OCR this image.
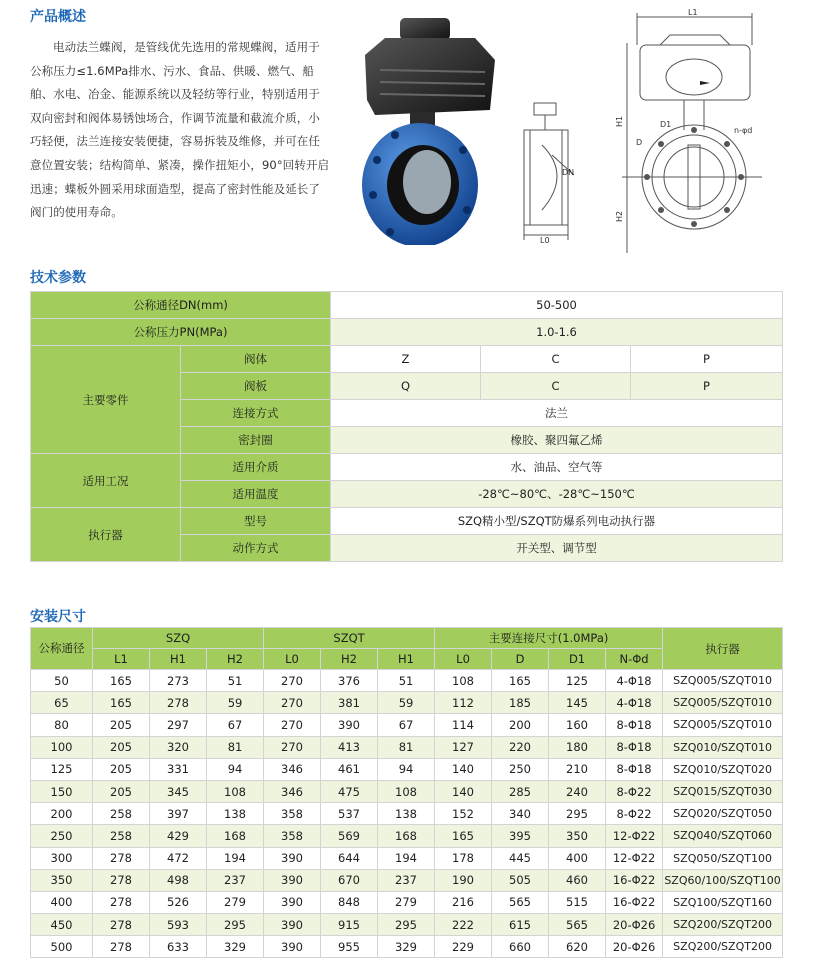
产品概述

电动法兰蝶阀，是管线优先选用的常规蝶阀，适用于公称压力≤1.6MPa排水、污水、食品、供暖、燃气、船舶、水电、冶金、能源系统以及轻纺等行业，特别适用于双向密封和阀体易锈蚀场合，作调节流量和截流介质，小巧轻便，法兰连接安装便捷，容易拆装及维修，并可在任意位置安装；结构简单、紧凑，操作扭矩小，90°回转开启迅速；蝶板外圆采用球面造型，提高了密封性能及延长了阀门的使用寿命。

DN
L0
L1
H1
H2
D
D1
n-φd
技术参数
公称通径DN(mm)		50-500		
公称压力PN(MPa)		1.0-1.6		
主要零件	阀体	Z	C	P
	阀板	Q	C	P
	连接方式	法兰		
	密封圈	橡胶、聚四氟乙烯		
适用工况	适用介质	水、油品、空气等		
	适用温度	-28℃~80℃、-28℃~150℃		
执行器	型号	SZQ精小型/SZQT防爆系列电动执行器		
	动作方式	开关型、调节型		
安装尺寸
公称通径	SZQ			SZQT			主要连接尺寸(1.0MPa)				执行器
	L1	H1	H2	L0	H2	H1	L0	D	D1	N-Φd	
50	165	273	51	270	376	51	108	165	125	4-Φ18	SZQ005/SZQT010
65	165	278	59	270	381	59	112	185	145	4-Φ18	SZQ005/SZQT010
80	205	297	67	270	390	67	114	200	160	8-Φ18	SZQ005/SZQT010
100	205	320	81	270	413	81	127	220	180	8-Φ18	SZQ010/SZQT010
125	205	331	94	346	461	94	140	250	210	8-Φ18	SZQ010/SZQT020
150	205	345	108	346	475	108	140	285	240	8-Φ22	SZQ015/SZQT030
200	258	397	138	358	537	138	152	340	295	8-Φ22	SZQ020/SZQT050
250	258	429	168	358	569	168	165	395	350	12-Φ22	SZQ040/SZQT060
300	278	472	194	390	644	194	178	445	400	12-Φ22	SZQ050/SZQT100
350	278	498	237	390	670	237	190	505	460	16-Φ22	SZQ60/100/SZQT100
400	278	526	279	390	848	279	216	565	515	16-Φ22	SZQ100/SZQT160
450	278	593	295	390	915	295	222	615	565	20-Φ26	SZQ200/SZQT200
500	278	633	329	390	955	329	229	660	620	20-Φ26	SZQ200/SZQT200
